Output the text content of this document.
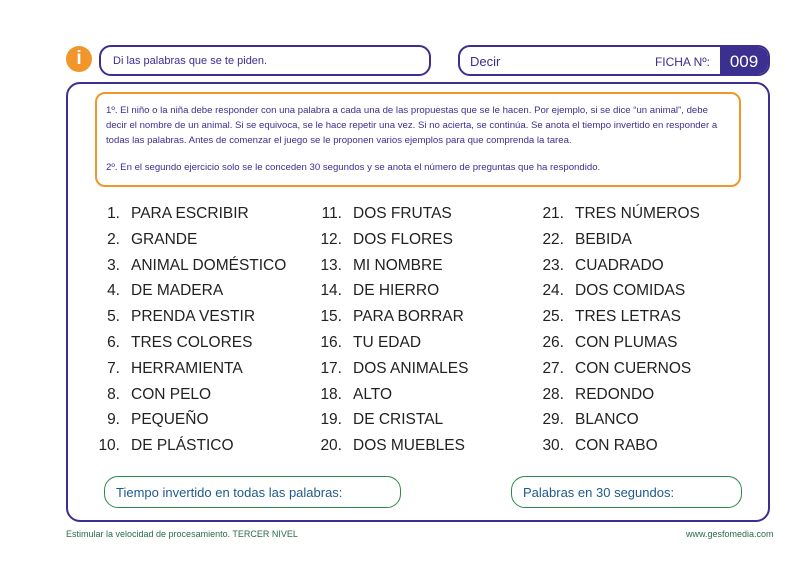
i	Di las palabras que se te piden.	Decir	FICHA Nº:	009

1º. El niño o la niña debe responder con una palabra a cada una de las propuestas que se le hacen. Por ejemplo, si se dice “un animal”, debe decir el nombre de un animal. Si se equivoca, se le hace repetir una vez. Si no acierta, se continúa. Se anota el tiempo invertido en responder a todas las palabras. Antes de comenzar el juego se le proponen varios ejemplos para que comprenda la tarea.

2º. En el segundo ejercicio solo se le conceden 30 segundos y se anota el número de preguntas que ha respondido.

1. PARA ESCRIBIR
2. GRANDE
3. ANIMAL DOMÉSTICO
4. DE MADERA
5. PRENDA VESTIR
6. TRES COLORES
7. HERRAMIENTA
8. CON PELO
9. PEQUEÑO
10. DE PLÁSTICO
11. DOS FRUTAS
12. DOS FLORES
13. MI NOMBRE
14. DE HIERRO
15. PARA BORRAR
16. TU EDAD
17. DOS ANIMALES
18. ALTO
19. DE CRISTAL
20. DOS MUEBLES
21. TRES NÚMEROS
22. BEBIDA
23. CUADRADO
24. DOS COMIDAS
25. TRES LETRAS
26. CON PLUMAS
27. CON CUERNOS
28. REDONDO
29. BLANCO
30. CON RABO
Tiempo invertido en todas las palabras:	Palabras en 30 segundos:
Estimular la velocidad de procesamiento. TERCER NIVEL	www.gesfomedia.com
